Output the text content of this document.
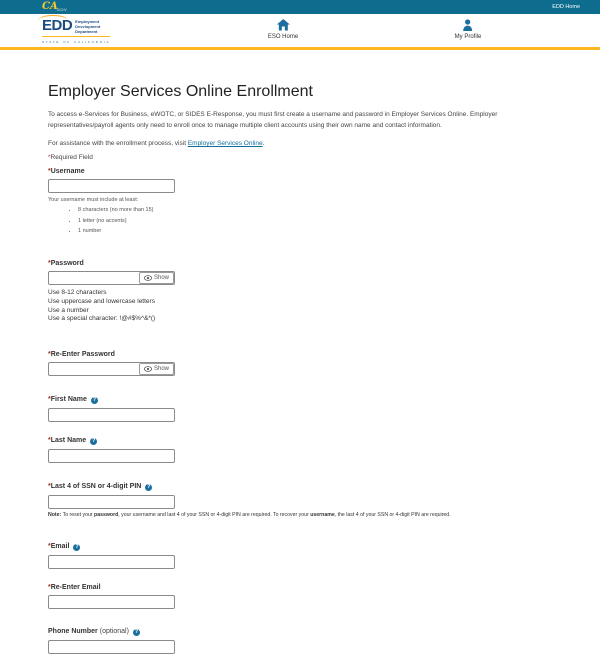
$CA_{GOV}$	EDD Home
EDD Employment
Development
Department
state of california
ESO Home	My Profile
Employer Services Online Enrollment

To access e-Services for Business, eWOTC, or SIDES E-Response, you must first create a username and password in Employer Services Online. Employer representatives/payroll agents only need to enroll once to manage multiple client accounts using their own name and contact information.

For assistance with the enrollment process, visit Employer Services Online.

*Required Field

*Username
Your username must include at least:
• 8 characters (no more than 15)
• 1 letter (no accents)
• 1 number
*Password
Show
Use 8-12 characters
Use uppercase and lowercase letters
Use a number
Use a special character: !@#$%^&*()
*Re-Enter Password
Show
*First Name ?
*Last Name ?
*Last 4 of SSN or 4-digit PIN ?
Note: To reset your password, your username and last 4 of your SSN or 4-digit PIN are required. To recover your username, the last 4 of your SSN or 4-digit PIN are required.
*Email ?
*Re-Enter Email
Phone Number (optional) ?
